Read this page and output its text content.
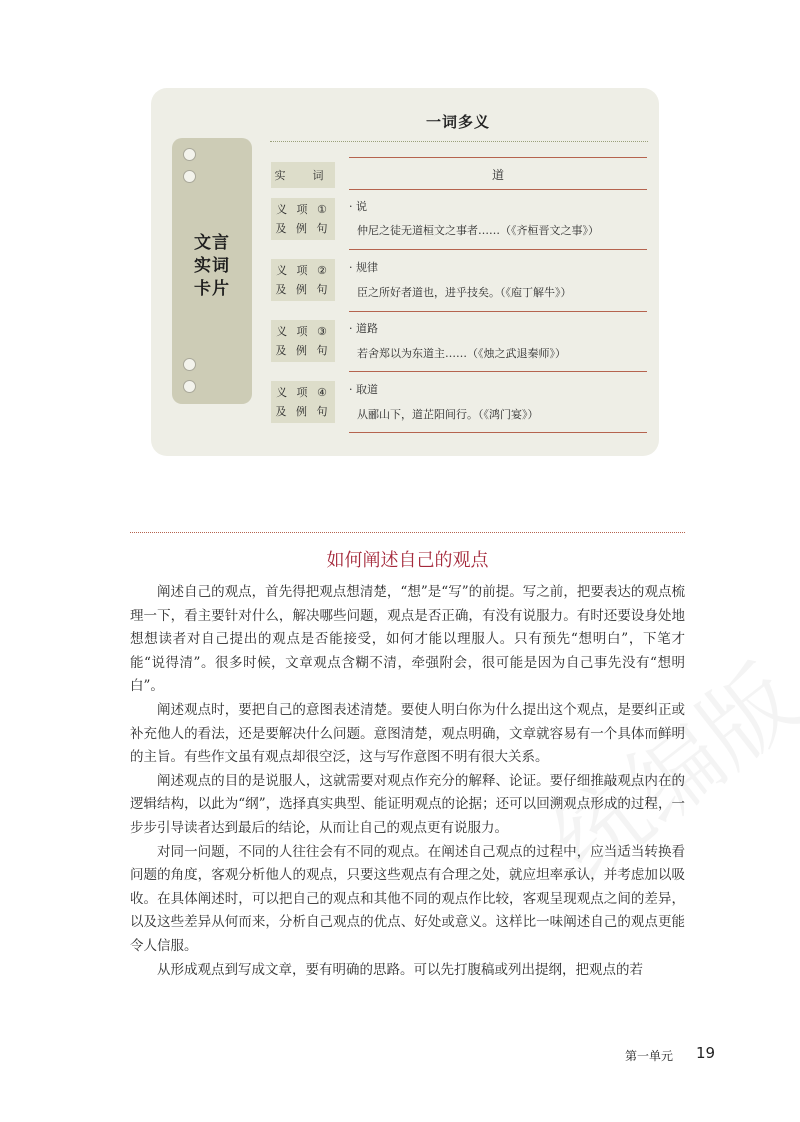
一词多义
文言
实词
卡片
实　词	道
义 项 ①
及 例 句
· 说
仲尼之徒无道桓文之事者……（《齐桓晋文之事》）
义 项 ②
及 例 句
· 规律
臣之所好者道也，进乎技矣。（《庖丁解牛》）
义 项 ③
及 例 句
· 道路
若舍郑以为东道主……（《烛之武退秦师》）
义 项 ④
及 例 句
· 取道
从郦山下，道芷阳间行。（《鸿门宴》）
如何阐述自己的观点

阐述自己的观点，首先得把观点想清楚，“想”是“写”的前提。写之前，把要表达的观点梳理一下，看主要针对什么，解决哪些问题，观点是否正确，有没有说服力。有时还要设身处地想想读者对自己提出的观点是否能接受，如何才能以理服人。只有预先“想明白”，下笔才能“说得清”。很多时候，文章观点含糊不清，牵强附会，很可能是因为自己事先没有“想明白”。

阐述观点时，要把自己的意图表述清楚。要使人明白你为什么提出这个观点，是要纠正或补充他人的看法，还是要解决什么问题。意图清楚，观点明确，文章就容易有一个具体而鲜明的主旨。有些作文虽有观点却很空泛，这与写作意图不明有很大关系。

阐述观点的目的是说服人，这就需要对观点作充分的解释、论证。要仔细推敲观点内在的逻辑结构，以此为“纲”，选择真实典型、能证明观点的论据；还可以回溯观点形成的过程，一步步引导读者达到最后的结论，从而让自己的观点更有说服力。

对同一问题，不同的人往往会有不同的观点。在阐述自己观点的过程中，应当适当转换看问题的角度，客观分析他人的观点，只要这些观点有合理之处，就应坦率承认，并考虑加以吸收。在具体阐述时，可以把自己的观点和其他不同的观点作比较，客观呈现观点之间的差异，以及这些差异从何而来，分析自己观点的优点、好处或意义。这样比一味阐述自己的观点更能令人信服。

从形成观点到写成文章，要有明确的思路。可以先打腹稿或列出提纲，把观点的若

第一单元 19
